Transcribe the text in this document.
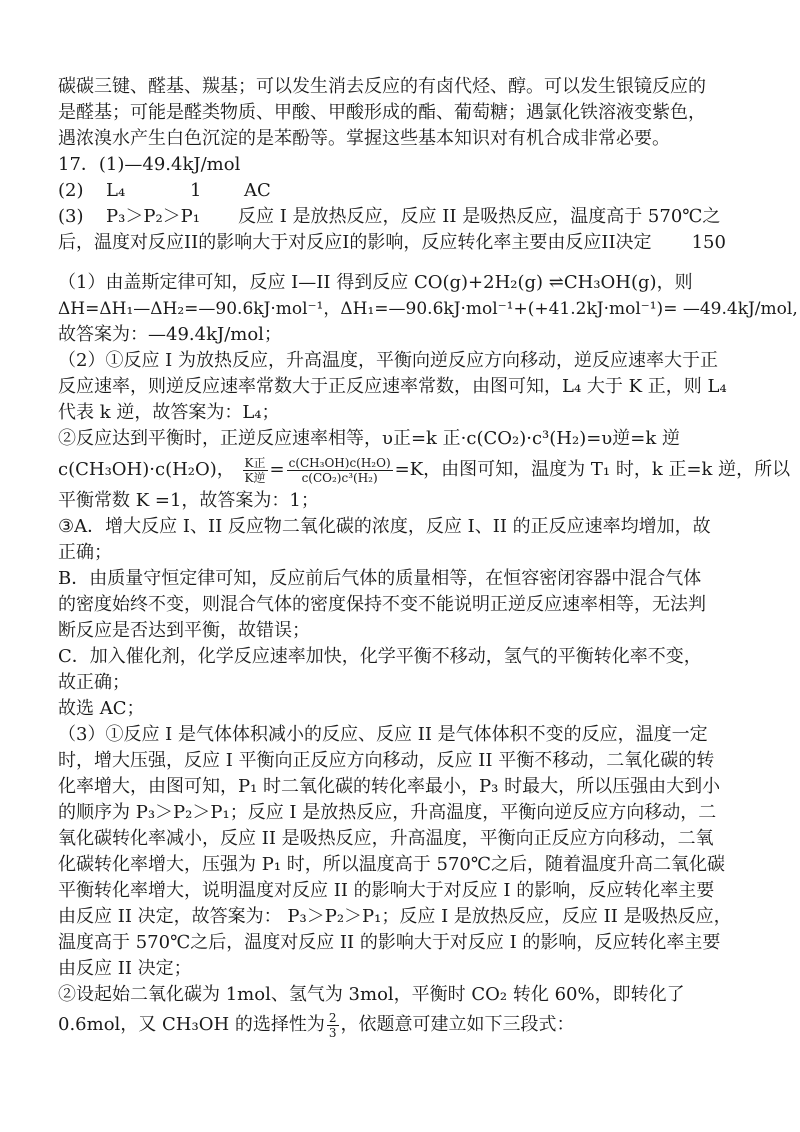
碳碳三键、醛基、羰基；可以发生消去反应的有卤代烃、醇。可以发生银镜反应的
是醛基；可能是醛类物质、甲酸、甲酸形成的酯、葡萄糖；遇氯化铁溶液变紫色，
遇浓溴水产生白色沉淀的是苯酚等。掌握这些基本知识对有机合成非常必要。
17．(1)—49.4kJ/mol
(2) L₄	1 AC
(3) P₃＞P₂＞P₁ 反应 I 是放热反应，反应 II 是吸热反应，温度高于 570℃之
后，温度对反应II的影响大于对反应I的影响，反应转化率主要由反应II决定 150
（1）由盖斯定律可知，反应 I—II 得到反应 CO(g)+2H₂(g) ⇌CH₃OH(g)，则
ΔH=ΔH₁—ΔH₂=—90.6kJ·mol⁻¹，ΔH₁=—90.6kJ·mol⁻¹+(+41.2kJ·mol⁻¹)= —49.4kJ/mol,
故答案为：—49.4kJ/mol；
（2）①反应 I 为放热反应，升高温度，平衡向逆反应方向移动，逆反应速率大于正
反应速率，则逆反应速率常数大于正反应速率常数，由图可知，L₄ 大于 K 正，则 L₄
代表 k 逆，故答案为：L₄；
②反应达到平衡时，正逆反应速率相等，υ正=k 正·c(CO₂)·c³(H₂)=υ逆=k 逆
c(CH₃OH)·c(H₂O)， $\frac{\text{K正}}{\text{K逆}} = \frac{\text{c(CH₃OH)c(H₂O)}}{\text{c(CO₂)c³(H₂)}} =K$，由图可知，温度为 T₁ 时，k 正=k 逆，所以
平衡常数 K =1，故答案为：1；
③A．增大反应 I、II 反应物二氧化碳的浓度，反应 I、II 的正反应速率均增加，故
正确；
B．由质量守恒定律可知，反应前后气体的质量相等，在恒容密闭容器中混合气体
的密度始终不变，则混合气体的密度保持不变不能说明正逆反应速率相等，无法判
断反应是否达到平衡，故错误；
C．加入催化剂，化学反应速率加快，化学平衡不移动，氢气的平衡转化率不变，
故正确；
故选 AC；
（3）①反应 I 是气体体积减小的反应、反应 II 是气体体积不变的反应，温度一定
时，增大压强，反应 I 平衡向正反应方向移动，反应 II 平衡不移动，二氧化碳的转
化率增大，由图可知，P₁ 时二氧化碳的转化率最小，P₃ 时最大，所以压强由大到小
的顺序为 P₃＞P₂＞P₁；反应 I 是放热反应，升高温度，平衡向逆反应方向移动，二
氧化碳转化率减小，反应 II 是吸热反应，升高温度，平衡向正反应方向移动，二氧
化碳转化率增大，压强为 P₁ 时，所以温度高于 570℃之后，随着温度升高二氧化碳
平衡转化率增大，说明温度对反应 II 的影响大于对反应 I 的影响，反应转化率主要
由反应 II 决定，故答案为： P₃＞P₂＞P₁；反应 I 是放热反应，反应 II 是吸热反应，
温度高于 570℃之后，温度对反应 II 的影响大于对反应 I 的影响，反应转化率主要
由反应 II 决定；
②设起始二氧化碳为 1mol、氢气为 3mol，平衡时 CO₂ 转化 60%，即转化了
0.6mol，又 CH₃OH 的选择性为 $\frac{2}{3}$ ，依题意可建立如下三段式：
